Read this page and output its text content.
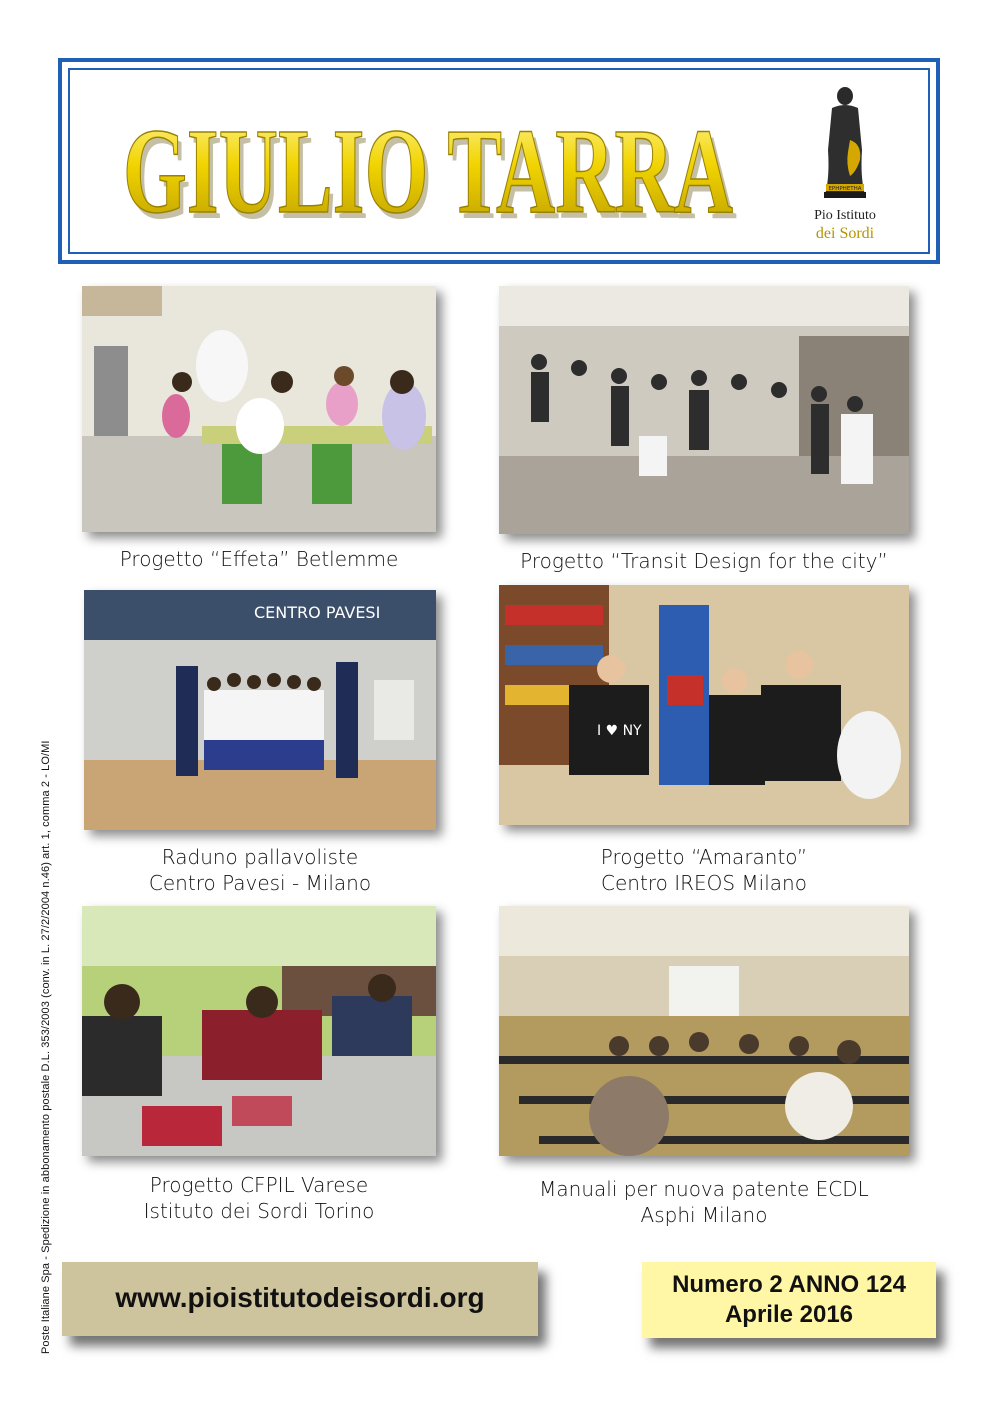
GIULIO TARRA
GIULIO TARRA	EPHPHETHA
Pio Istituto
dei Sordi
Progetto “Effeta” Betlemme	Progetto “Transit Design for the city”
CENTRO PAVESI
Raduno pallavoliste
Centro Pavesi - Milano
I ♥ NY
Progetto “Amaranto”
Centro IREOS Milano
Progetto CFPIL Varese
Istituto dei Sordi Torino
Manuali per nuova patente ECDL
Asphi Milano
Poste Italiane Spa - Spedizione in abbonamento postale D.L. 353/2003 (conv. in L. 27/2/2004 n.46) art. 1, comma 2 - LO/MI	www.pioistitutodeisordi.org	Numero 2 ANNO 124
Aprile 2016
